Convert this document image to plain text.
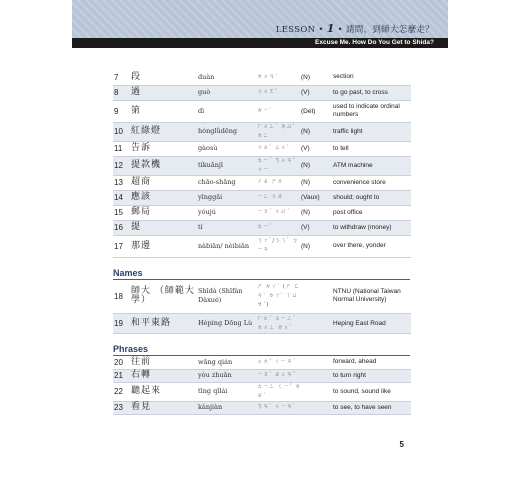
LESSON • 1 • 請問，到師大怎麼走？
Excuse Me. How Do You Get to Shida?
7	段	duàn	ㄉㄨㄢˋ	(N)	section
8	過	guò	ㄍㄨㄛˋ	(V)	to go past, to cross
9	第	dì	ㄉㄧˋ	(Det)	used to indicate ordinal numbers
10	紅綠燈	hónglǜdēng	ㄏㄨㄥˊ ㄌㄩˋ ㄉㄥ	(N)	traffic light
11	告訴	gàosù	ㄍㄠˋ ㄙㄨˋ	(V)	to tell
12	提款機	tíkuǎnjī	ㄊㄧˊ ㄎㄨㄢˇ ㄐㄧ	(N)	ATM machine
13	超商	chāo-shāng	ㄔㄠ ㄕㄤ	(N)	convenience store
14	應該	yīnggāi	ㄧㄥ ㄍㄞ	(Vaux)	should; ought to
15	郵局	yóujú	ㄧㄡˊ ㄐㄩˊ	(N)	post office
16	提	tí	ㄊㄧˊ	(V)	to withdraw (money)
17	那邊	nàbiān/ nèibiān	ㄋㄚˋ/ㄋㄟˋ ㄅㄧㄢ	(N)	over there, yonder
Names
18	師大 （師範大學）	Shīdà (Shīfàn Dàxué)	ㄕ ㄉㄚˋ (ㄕ ㄈㄢˋ ㄉㄚˋ ㄒㄩㄝˊ)		NTNU (National Taiwan Normal University)
19	和平東路	Hépíng Dōng Lù	ㄏㄜˊ ㄆㄧㄥˊ ㄉㄨㄥ ㄌㄨˋ		Heping East Road
Phrases
20	往前	wǎng qián	ㄨㄤˇ ㄑㄧㄢˊ		forward, ahead
21	右轉	yòu zhuǎn	ㄧㄡˋ ㄓㄨㄢˇ		to turn right
22	聽起來	tīng qǐlái	ㄊㄧㄥ ㄑㄧˇ ㄌㄞˊ		to sound, sound like
23	看見	kànjiàn	ㄎㄢˋ ㄐㄧㄢˋ		to see, to have seen
5
